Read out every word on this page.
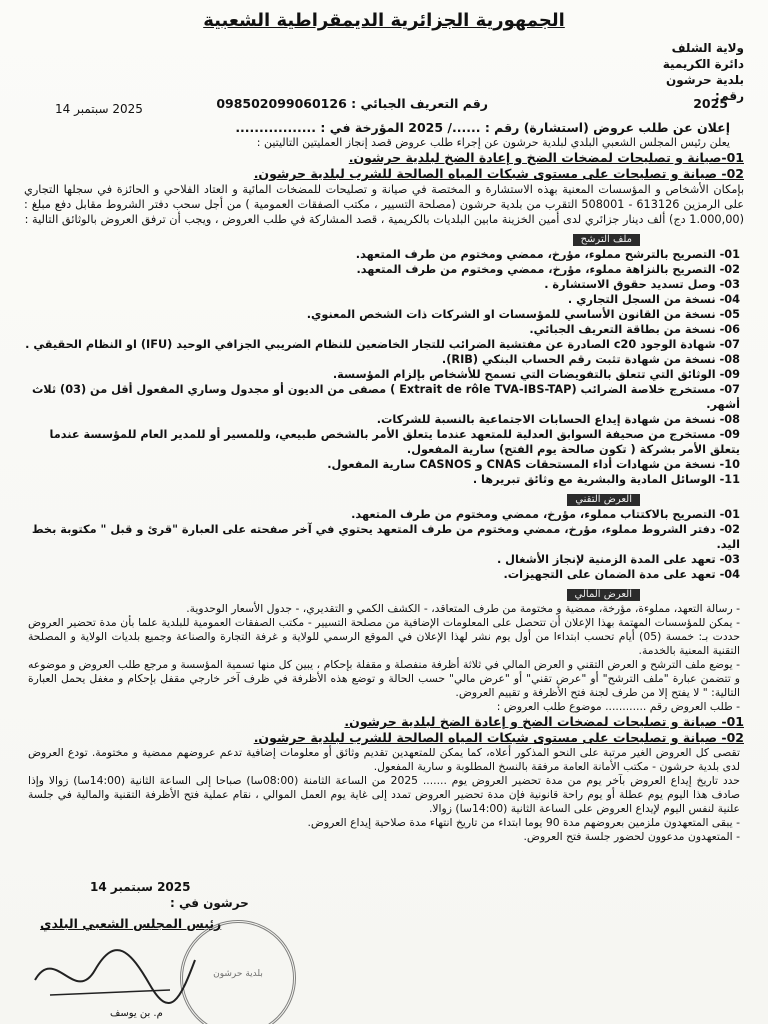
الجمهورية الجزائرية الديمقراطية الشعبية
ولاية الشلف
دائرة الكريمية
بلدية حرشون
رقم:
2025
رقم التعريف الجبائي : 098502099060126
2025 سبتمبر 14
إعلان عن طلب عروض (استشارة) رقم : ....../ 2025 المؤرخة في : .................
يعلن رئيس المجلس الشعبي البلدي لبلدية حرشون عن إجراء طلب عروض قصد إنجاز العمليتين التاليتين :
01-صيانة و تصليحات لمضخات الضخ و إعادة الضخ لبلدية حرشون.
02- صيانة و تصليحات على مستوى شبكات المياه الصالحة للشرب لبلدية حرشون.
بإمكان الأشخاص و المؤسسات المعنية بهذه الاستشارة و المختصة في صيانة و تصليحات للمضخات المائية و العتاد الفلاحي و الحائزة في سجلها التجاري على الرمزين 613126 - 508001 التقرب من بلدية حرشون (مصلحة التسيير ، مكتب الصفقات العمومية ) من أجل سحب دفتر الشروط مقابل دفع مبلغ : (1.000,00 دج) ألف دينار جزائري لدى أمين الخزينة مابين البلديات بالكريمية ، قصد المشاركة في طلب العروض ، ويجب أن ترفق العروض بالوثائق التالية :
ملف الترشح
01- التصريح بالترشح مملوء، مؤرخ، ممضي ومختوم من طرف المتعهد.
02- التصريح بالنزاهة مملوء، مؤرخ، ممضي ومختوم من طرف المتعهد.
03- وصل تسديد حقوق الاستشارة .
04- نسخة من السجل التجاري .
05- نسخة من القانون الأساسي للمؤسسات او الشركات ذات الشخص المعنوي.
06- نسخة من بطاقة التعريف الجبائي.
07- شهادة الوجود c20 الصادرة عن مفتشية الضرائب للتجار الخاضعين للنظام الضريبي الجزافي الوحيد (IFU) او النظام الحقيقي .
08- نسخة من شهادة تثبت رقم الحساب البنكي (RIB).
09- الوثائق التي تتعلق بالتفويضات التي تسمح للأشخاص بإلزام المؤسسة.
07- مستخرج خلاصة الضرائب (Extrait de rôle TVA-IBS-TAP ) مصفى من الديون أو مجدول وساري المفعول أقل من (03) ثلاث أشهر.
08- نسخة من شهادة إيداع الحسابات الاجتماعية بالنسبة للشركات.
09- مستخرج من صحيفة السوابق العدلية للمتعهد عندما يتعلق الأمر بالشخص طبيعي، وللمسير أو للمدير العام للمؤسسة عندما يتعلق الأمر بشركة ( تكون صالحة يوم الفتح) سارية المفعول.
10- نسخة من شهادات أداء المستحقات CNAS و CASNOS سارية المفعول.
11- الوسائل المادية والبشرية مع وثائق تبريرها .
العرض التقني
01- التصريح بالاكتتاب مملوء، مؤرخ، ممضي ومختوم من طرف المتعهد.
02- دفتر الشروط مملوء، مؤرخ، ممضي ومختوم من طرف المتعهد يحتوي في آخر صفحته على العبارة "قرئ و قبل " مكتوبة بخط اليد.
03- تعهد على المدة الزمنية لإنجاز الأشغال .
04- تعهد على مدة الضمان على التجهيزات.
العرض المالي

- رسالة التعهد، مملوءة، مؤرخة، ممضية و مختومة من طرف المتعاقد، - الكشف الكمي و التقديري، - جدول الأسعار الوحدوية.

- يمكن للمؤسسات المهتمة بهذا الإعلان أن تتحصل على المعلومات الإضافية من مصلحة التسيير - مكتب الصفقات العمومية للبلدية علما بأن مدة تحضير العروض حددت بـ: خمسة (05) أيام تحسب ابتداءا من أول يوم نشر لهذا الإعلان في الموقع الرسمي للولاية و غرفة التجارة والصناعة وجميع بلديات الولاية و المصلحة التقنية المعنية بالخدمة.

- يوضع ملف الترشح و العرض التقني و العرض المالي في ثلاثة أظرفة منفصلة و مقفلة بإحكام ، يبين كل منها تسمية المؤسسة و مرجع طلب العروض و موضوعه و تتضمن عبارة "ملف الترشح" أو "عرض تقني" أو "عرض مالي" حسب الحالة و توضع هذه الأظرفة في ظرف آخر خارجي مقفل بإحكام و مغفل يحمل العبارة التالية: " لا يفتح إلا من طرف لجنة فتح الأظرفة و تقييم العروض.

- طلب العروض رقم ............ موضوع طلب العروض :

01- صيانة و تصليحات لمضخات الضخ و إعادة الضخ لبلدية حرشون.
02- صيانة و تصليحات على مستوى شبكات المياه الصالحة للشرب لبلدية حرشون.

تقصى كل العروض الغير مرتبة على النحو المذكور أعلاه، كما يمكن للمتعهدين تقديم وثائق أو معلومات إضافية تدعم عروضهم ممضية و مختومة. تودع العروض لدى بلدية حرشون - مكتب الأمانة العامة مرفقة بالنسخ المطلوبة و سارية المفعول.

حدد تاريخ إيداع العروض بآخر يوم من مدة تحضير العروض يوم ....... 2025 من الساعة الثامنة (08:00سا) صباحا إلى الساعة الثانية (14:00سا) زوالا وإذا صادف هذا اليوم يوم عطلة أو يوم راحة قانونية فإن مدة تحضير العروض تمدد إلى غاية يوم العمل الموالي ، نقام عملية فتح الأظرفة التقنية والمالية في جلسة علنية لنفس اليوم لإيداع العروض على الساعة الثانية (14:00سا) زوالا.

- يبقى المتعهدون ملزمين بعروضهم مدة 90 يوما ابتداء من تاريخ انتهاء مدة صلاحية إيداع العروض.

- المتعهدون مدعوون لحضور جلسة فتح العروض.

2025 سبتمبر 14
حرشون في :
رئيس المجلس الشعبي البلدي
بلدية حرشون
م. بن يوسف
